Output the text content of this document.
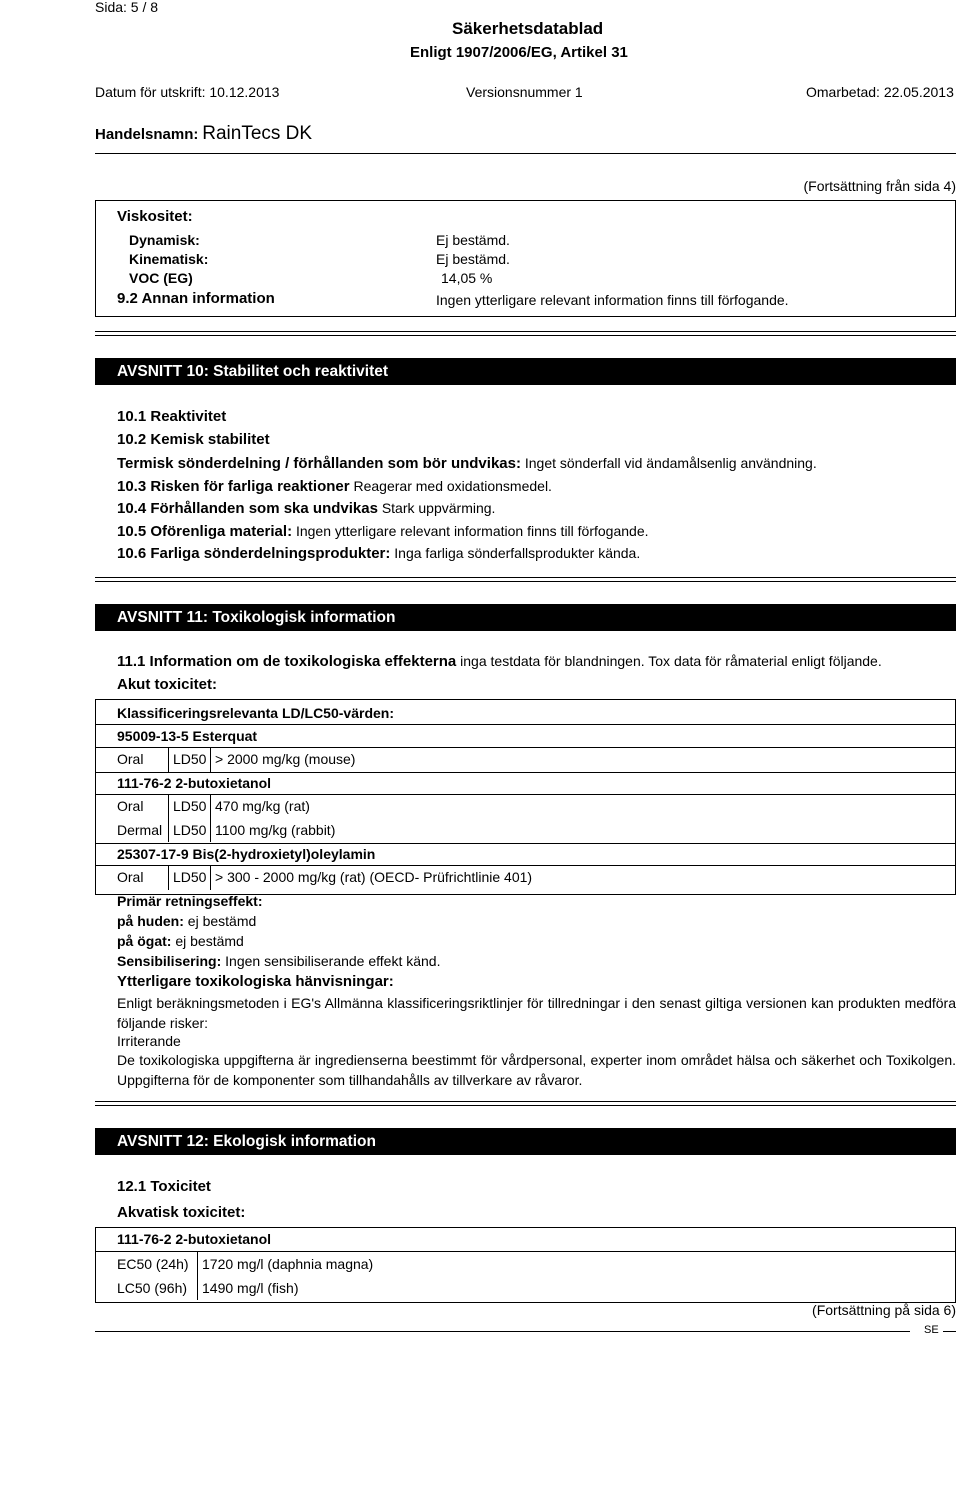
Sida: 5 / 8
Säkerhetsdatablad
Enligt 1907/2006/EG, Artikel 31
Datum för utskrift: 10.12.2013	Versionsnummer 1	Omarbetad: 22.05.2013
Handelsnamn: RainTecs DK
(Fortsättning från sida 4)
Viskositet:
Dynamisk:	Ej bestämd.
Kinematisk:	Ej bestämd.
VOC (EG)	14,05 %
9.2 Annan information	Ingen ytterligare relevant information finns till förfogande.
AVSNITT 10: Stabilitet och reaktivitet
10.1 Reaktivitet
10.2 Kemisk stabilitet
Termisk sönderdelning / förhållanden som bör undvikas: Inget sönderfall vid ändamålsenlig användning.
10.3 Risken för farliga reaktioner Reagerar med oxidationsmedel.
10.4 Förhållanden som ska undvikas Stark uppvärming.
10.5 Oförenliga material: Ingen ytterligare relevant information finns till förfogande.
10.6 Farliga sönderdelningsprodukter: Inga farliga sönderfallsprodukter kända.
AVSNITT 11: Toxikologisk information
11.1 Information om de toxikologiska effekterna inga testdata för blandningen. Tox data för råmaterial enligt följande.
Akut toxicitet:
Klassificeringsrelevanta LD/LC50-värden:
95009-13-5 Esterquat
Oral	LD50 > 2000 mg/kg (mouse)
111-76-2 2-butoxietanol
Oral	LD50 470 mg/kg (rat)
Dermal LD50 1100 mg/kg (rabbit)
25307-17-9 Bis(2-hydroxietyl)oleylamin
Oral	LD50 > 300 - 2000 mg/kg (rat) (OECD- Prüfrichtlinie 401)
Primär retningseffekt:
på huden: ej bestämd
på ögat: ej bestämd
Sensibilisering: Ingen sensibiliserande effekt känd.
Ytterligare toxikologiska hänvisningar:
Enligt beräkningsmetoden i EG's Allmänna klassificeringsriktlinjer för tillredningar i den senast giltiga versionen kan produkten medföra följande risker:
Irriterande
De toxikologiska uppgifterna är ingredienserna beestimmt för vårdpersonal, experter inom området hälsa och säkerhet och Toxikolgen. Uppgifterna för de komponenter som tillhandahålls av tillverkare av råvaror.
AVSNITT 12: Ekologisk information
12.1 Toxicitet
Akvatisk toxicitet:
111-76-2 2-butoxietanol
EC50 (24h) 1720 mg/l (daphnia magna)
LC50 (96h)	1490 mg/l (fish)
(Fortsättning på sida 6)
SE
